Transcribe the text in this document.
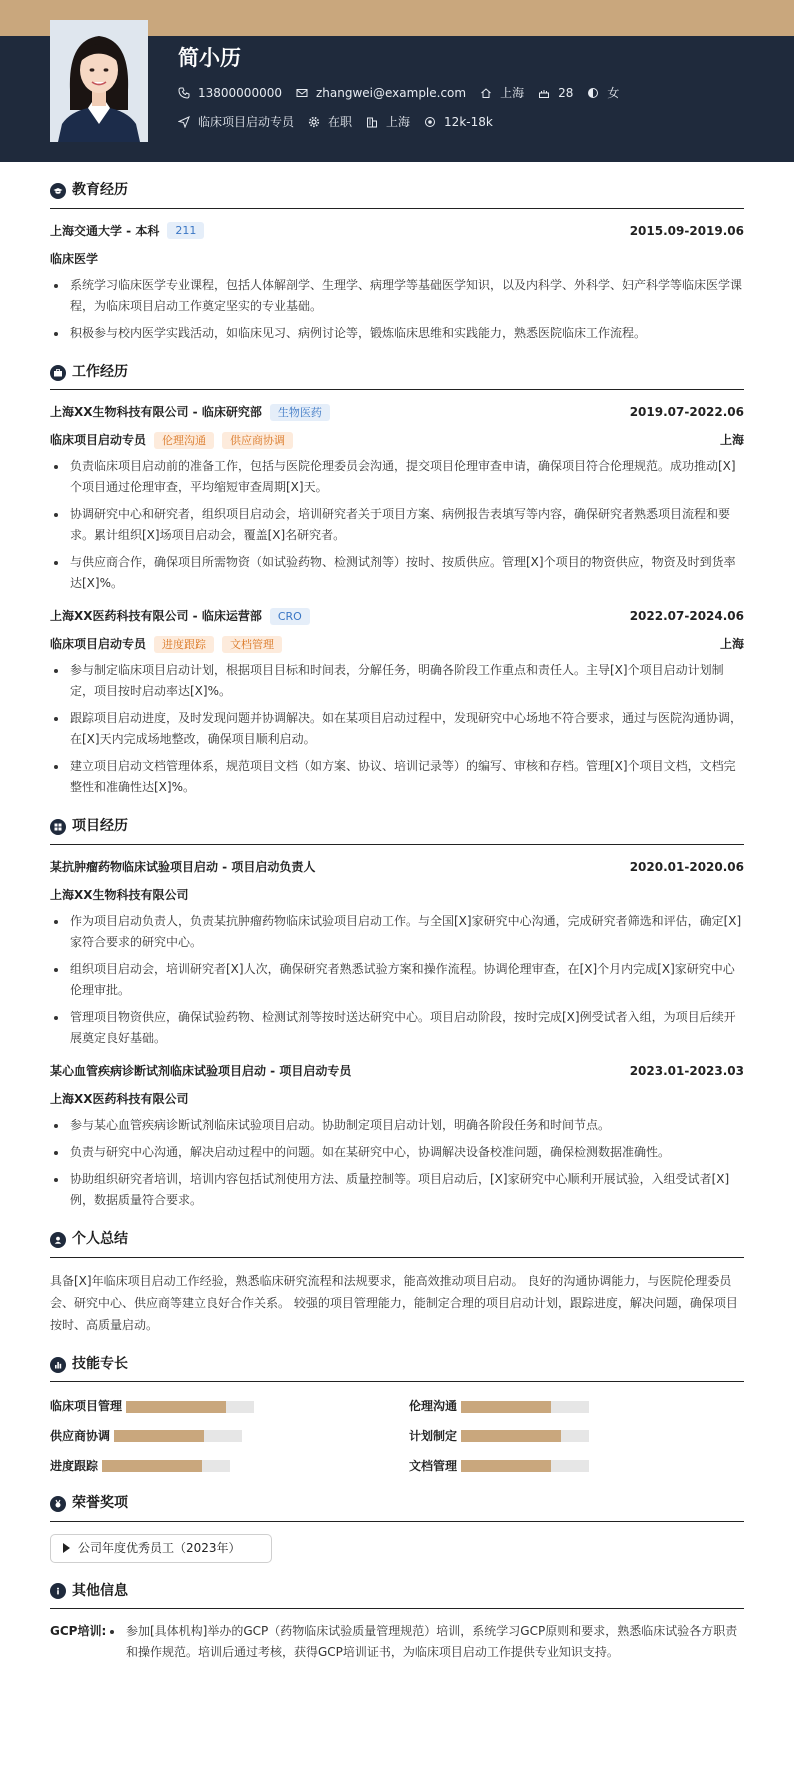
简小历
13800000000	zhangwei@example.com	上海	28	女
临床项目启动专员	在职	上海	12k-18k
教育经历
上海交通大学 - 本科	211	2015.09-2019.06
临床医学
系统学习临床医学专业课程，包括人体解剖学、生理学、病理学等基础医学知识，以及内科学、外科学、妇产科学等临床医学课程，为临床项目启动工作奠定坚实的专业基础。
积极参与校内医学实践活动，如临床见习、病例讨论等，锻炼临床思维和实践能力，熟悉医院临床工作流程。
工作经历
上海XX生物科技有限公司 - 临床研究部	生物医药	2019.07-2022.06
临床项目启动专员	伦理沟通	供应商协调	上海
负责临床项目启动前的准备工作，包括与医院伦理委员会沟通，提交项目伦理审查申请，确保项目符合伦理规范。成功推动[X]个项目通过伦理审查，平均缩短审查周期[X]天。
协调研究中心和研究者，组织项目启动会，培训研究者关于项目方案、病例报告表填写等内容，确保研究者熟悉项目流程和要求。累计组织[X]场项目启动会，覆盖[X]名研究者。
与供应商合作，确保项目所需物资（如试验药物、检测试剂等）按时、按质供应。管理[X]个项目的物资供应，物资及时到货率达[X]%。
上海XX医药科技有限公司 - 临床运营部	CRO	2022.07-2024.06
临床项目启动专员	进度跟踪	文档管理	上海
参与制定临床项目启动计划，根据项目目标和时间表，分解任务，明确各阶段工作重点和责任人。主导[X]个项目启动计划制定，项目按时启动率达[X]%。
跟踪项目启动进度，及时发现问题并协调解决。如在某项目启动过程中，发现研究中心场地不符合要求，通过与医院沟通协调，在[X]天内完成场地整改，确保项目顺利启动。
建立项目启动文档管理体系，规范项目文档（如方案、协议、培训记录等）的编写、审核和存档。管理[X]个项目文档，文档完整性和准确性达[X]%。
项目经历
某抗肿瘤药物临床试验项目启动 - 项目启动负责人	2020.01-2020.06
上海XX生物科技有限公司
作为项目启动负责人，负责某抗肿瘤药物临床试验项目启动工作。与全国[X]家研究中心沟通，完成研究者筛选和评估，确定[X]家符合要求的研究中心。
组织项目启动会，培训研究者[X]人次，确保研究者熟悉试验方案和操作流程。协调伦理审查，在[X]个月内完成[X]家研究中心伦理审批。
管理项目物资供应，确保试验药物、检测试剂等按时送达研究中心。项目启动阶段，按时完成[X]例受试者入组，为项目后续开展奠定良好基础。
某心血管疾病诊断试剂临床试验项目启动 - 项目启动专员	2023.01-2023.03
上海XX医药科技有限公司
参与某心血管疾病诊断试剂临床试验项目启动。协助制定项目启动计划，明确各阶段任务和时间节点。
负责与研究中心沟通，解决启动过程中的问题。如在某研究中心，协调解决设备校准问题，确保检测数据准确性。
协助组织研究者培训，培训内容包括试剂使用方法、质量控制等。项目启动后，[X]家研究中心顺利开展试验，入组受试者[X]例，数据质量符合要求。
个人总结
具备[X]年临床项目启动工作经验，熟悉临床研究流程和法规要求，能高效推动项目启动。 良好的沟通协调能力，与医院伦理委员会、研究中心、供应商等建立良好合作关系。 较强的项目管理能力，能制定合理的项目启动计划，跟踪进度，解决问题，确保项目按时、高质量启动。
技能专长
临床项目管理	伦理沟通
供应商协调	计划制定
进度跟踪	文档管理
荣誉奖项
公司年度优秀员工（2023年）
其他信息
GCP培训:	参加[具体机构]举办的GCP（药物临床试验质量管理规范）培训，系统学习GCP原则和要求，熟悉临床试验各方职责和操作规范。培训后通过考核，获得GCP培训证书，为临床项目启动工作提供专业知识支持。
